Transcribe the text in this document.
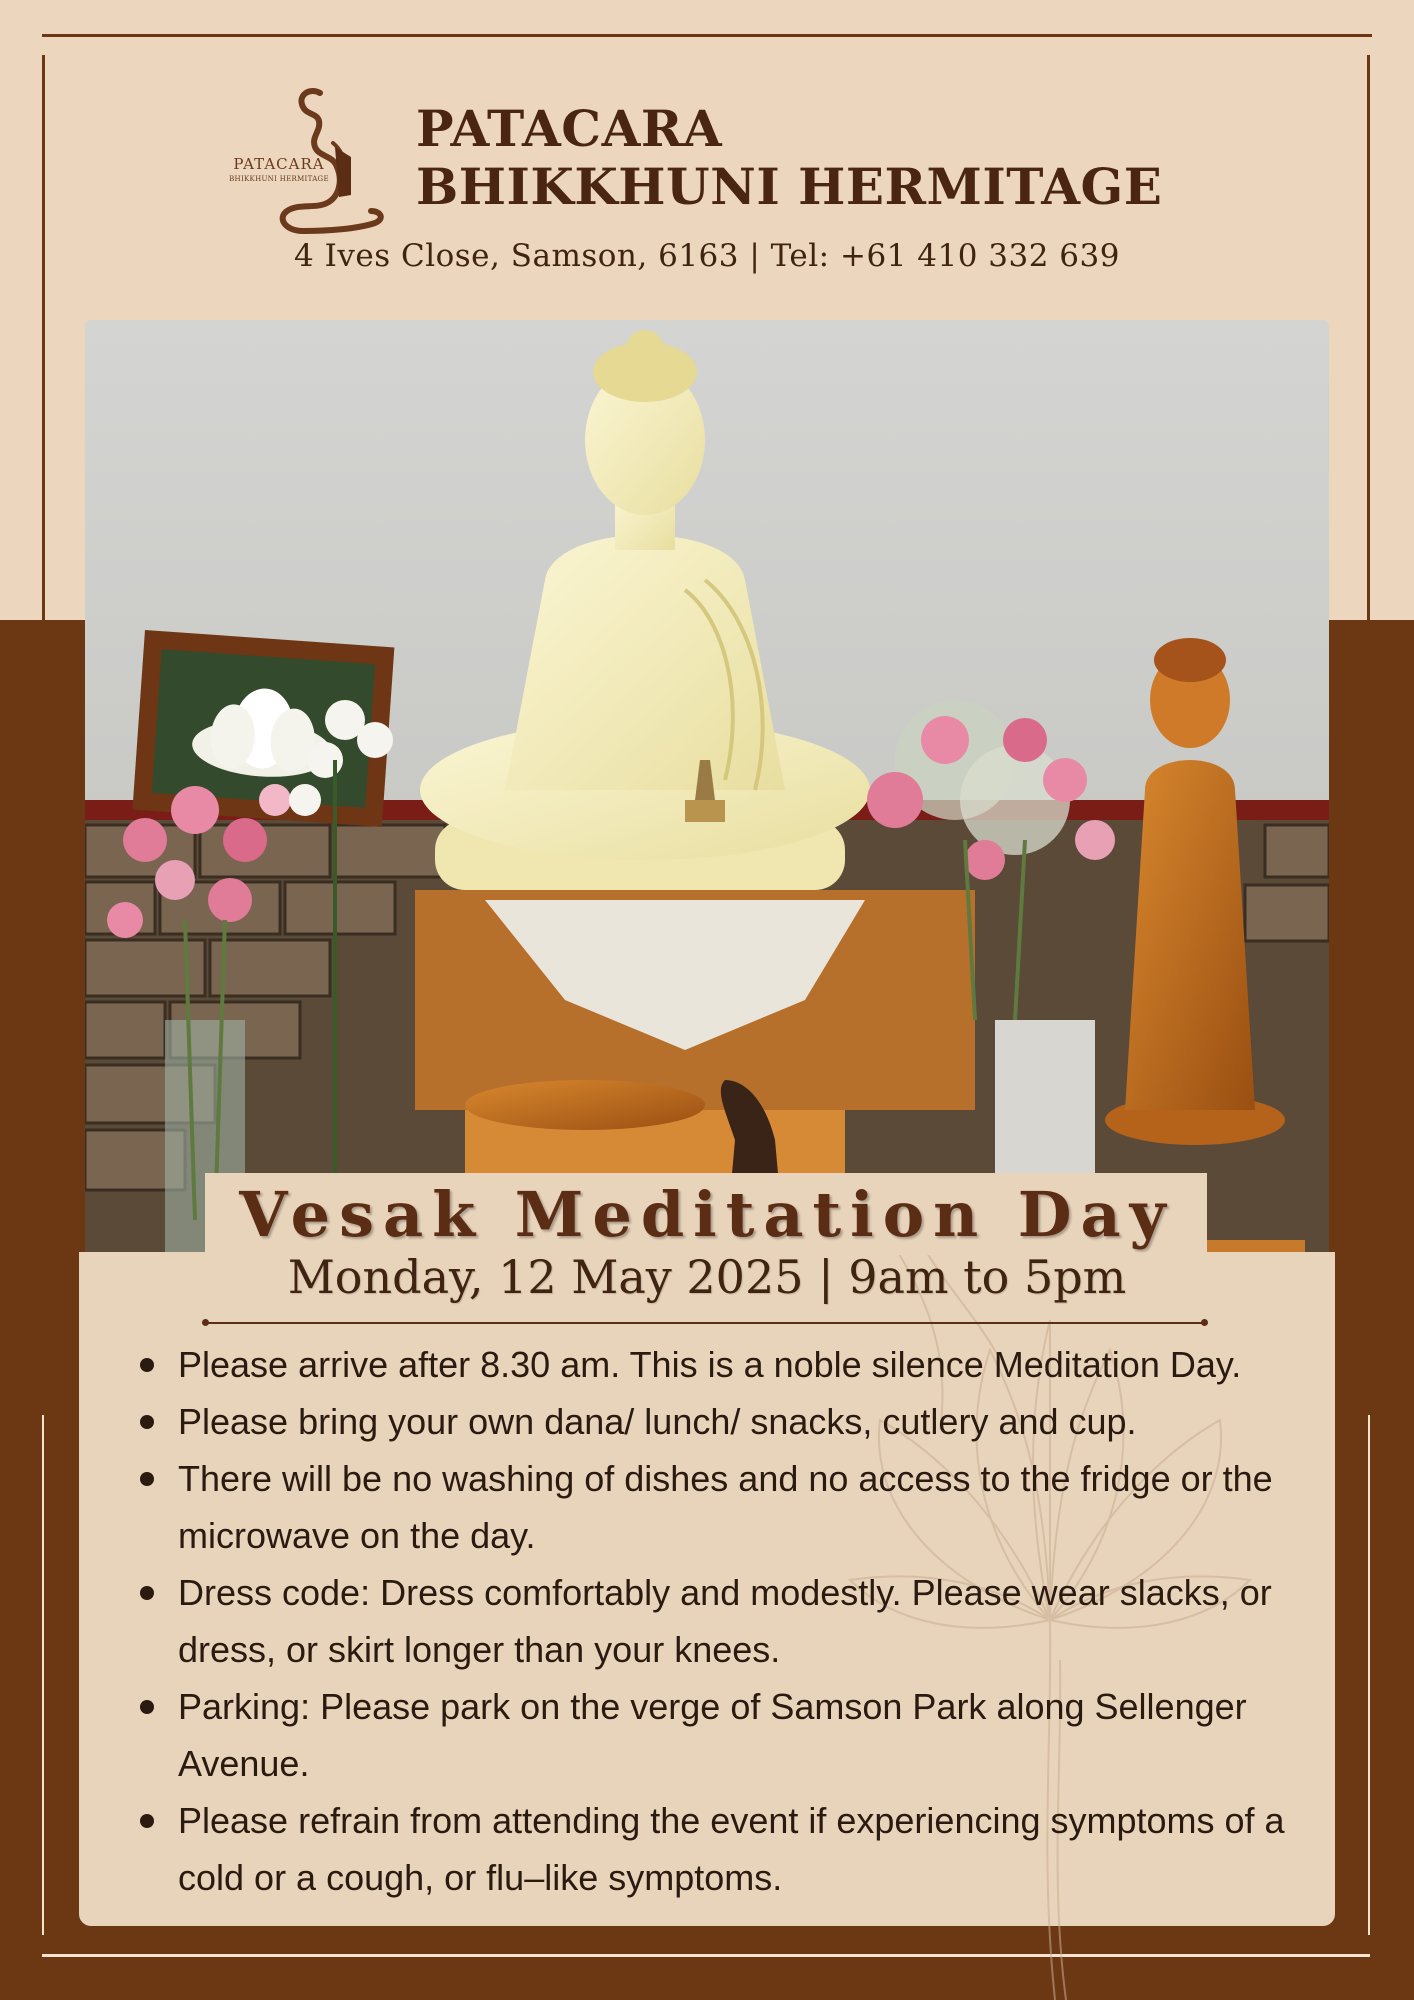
PATACARA
BHIKKHUNI HERMITAGE
PATACARA
BHIKKHUNI HERMITAGE
4 Ives Close, Samson, 6163 | Tel: +61 410 332 639
Vesak Meditation Day
Monday, 12 May 2025 | 9am to 5pm
Please arrive after 8.30 am. This is a noble silence Meditation Day.
Please bring your own dana/ lunch/ snacks, cutlery and cup.
There will be no washing of dishes and no access to the fridge or the microwave on the day.
Dress code: Dress comfortably and modestly. Please wear slacks, or dress, or skirt longer than your knees.
Parking: Please park on the verge of Samson Park along Sellenger Avenue.
Please refrain from attending the event if experiencing symptoms of a cold or a cough, or flu–like symptoms.
